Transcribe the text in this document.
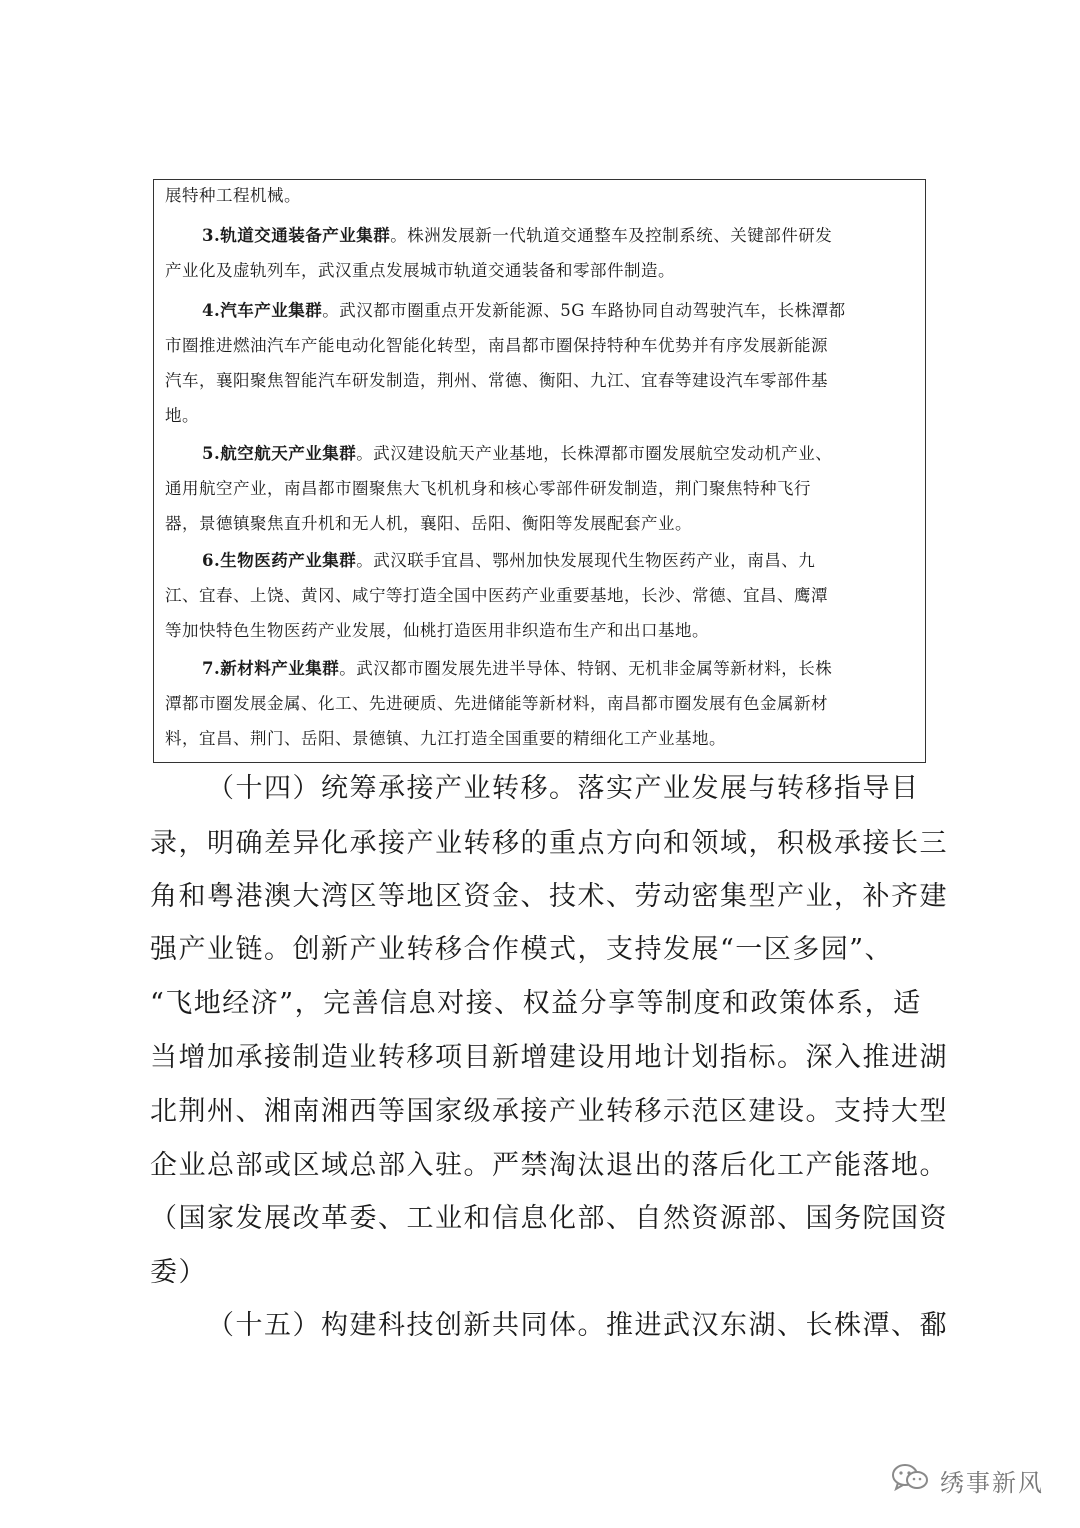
展特种工程机械。
3.轨道交通装备产业集群。株洲发展新一代轨道交通整车及控制系统、关键部件研发
产业化及虚轨列车，武汉重点发展城市轨道交通装备和零部件制造。
4.汽车产业集群。武汉都市圈重点开发新能源、5G 车路协同自动驾驶汽车，长株潭都
市圈推进燃油汽车产能电动化智能化转型，南昌都市圈保持特种车优势并有序发展新能源
汽车，襄阳聚焦智能汽车研发制造，荆州、常德、衡阳、九江、宜春等建设汽车零部件基
地。
5.航空航天产业集群。武汉建设航天产业基地，长株潭都市圈发展航空发动机产业、
通用航空产业，南昌都市圈聚焦大飞机机身和核心零部件研发制造，荆门聚焦特种飞行
器，景德镇聚焦直升机和无人机，襄阳、岳阳、衡阳等发展配套产业。
6.生物医药产业集群。武汉联手宜昌、鄂州加快发展现代生物医药产业，南昌、九
江、宜春、上饶、黄冈、咸宁等打造全国中医药产业重要基地，长沙、常德、宜昌、鹰潭
等加快特色生物医药产业发展，仙桃打造医用非织造布生产和出口基地。
7.新材料产业集群。武汉都市圈发展先进半导体、特钢、无机非金属等新材料，长株
潭都市圈发展金属、化工、先进硬质、先进储能等新材料，南昌都市圈发展有色金属新材
料，宜昌、荆门、岳阳、景德镇、九江打造全国重要的精细化工产业基地。
（十四）统筹承接产业转移。落实产业发展与转移指导目
录，明确差异化承接产业转移的重点方向和领域，积极承接长三
角和粤港澳大湾区等地区资金、技术、劳动密集型产业，补齐建
强产业链。创新产业转移合作模式，支持发展“一区多园”、
“飞地经济”，完善信息对接、权益分享等制度和政策体系，适
当增加承接制造业转移项目新增建设用地计划指标。深入推进湖
北荆州、湘南湘西等国家级承接产业转移示范区建设。支持大型
企业总部或区域总部入驻。严禁淘汰退出的落后化工产能落地。
（国家发展改革委、工业和信息化部、自然资源部、国务院国资
委）
（十五）构建科技创新共同体。推进武汉东湖、长株潭、鄱
绣事新风
